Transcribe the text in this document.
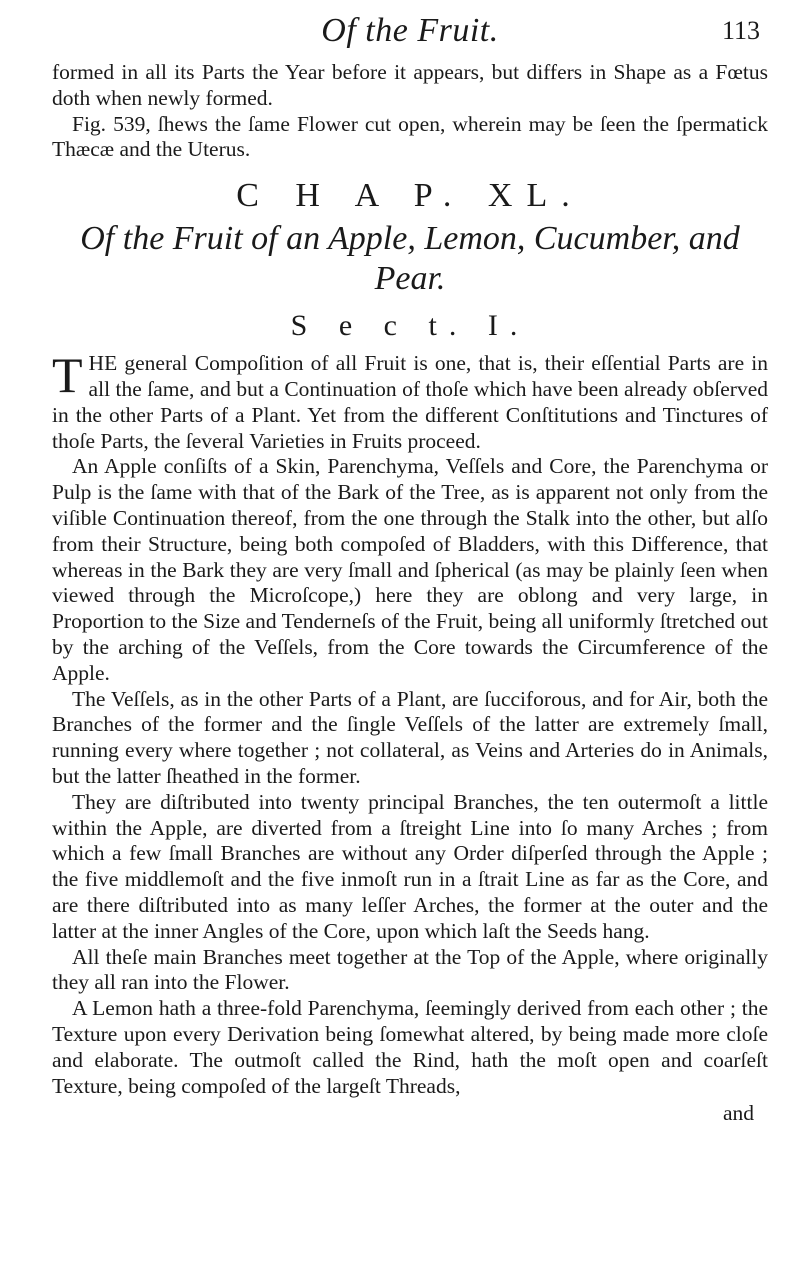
Of the Fruit.	113

formed in all its Parts the Year before it appears, but differs in Shape as a Fœtus doth when newly formed.

Fig. 539, ſhews the ſame Flower cut open, wherein may be ſeen the ſpermatick Thæcæ and the Uterus.

C H A P. XL.
Of the Fruit of an Apple, Lemon, Cucumber, and Pear.
S e c t. I.
T HE general Compoſition of all Fruit is one, that is, their eſſential Parts are in all the ſame, and but a Continuation of thoſe which have been already obſerved in the other Parts of a Plant. Yet from the different Conſtitutions and Tinctures of thoſe Parts, the ſeveral Varieties in Fruits proceed.

An Apple conſiſts of a Skin, Parenchyma, Veſſels and Core, the Parenchyma or Pulp is the ſame with that of the Bark of the Tree, as is apparent not only from the viſible Continuation thereof, from the one through the Stalk into the other, but alſo from their Structure, being both compoſed of Bladders, with this Difference, that whereas in the Bark they are very ſmall and ſpherical (as may be plainly ſeen when viewed through the Microſcope,) here they are oblong and very large, in Proportion to the Size and Tenderneſs of the Fruit, being all uniformly ſtretched out by the arching of the Veſſels, from the Core towards the Circumference of the Apple.

The Veſſels, as in the other Parts of a Plant, are ſucciforous, and for Air, both the Branches of the former and the ſingle Veſſels of the latter are extremely ſmall, running every where together ; not collateral, as Veins and Arteries do in Animals, but the latter ſheathed in the former.

They are diſtributed into twenty principal Branches, the ten outermoſt a little within the Apple, are diverted from a ſtreight Line into ſo many Arches ; from which a few ſmall Branches are without any Order diſperſed through the Apple ; the five middlemoſt and the five inmoſt run in a ſtrait Line as far as the Core, and are there diſtributed into as many leſſer Arches, the former at the outer and the latter at the inner Angles of the Core, upon which laſt the Seeds hang.

All theſe main Branches meet together at the Top of the Apple, where originally they all ran into the Flower.

A Lemon hath a three-fold Parenchyma, ſeemingly derived from each other ; the Texture upon every Derivation being ſomewhat altered, by being made more cloſe and elaborate. The outmoſt called the Rind, hath the moſt open and coarſeſt Texture, being compoſed of the largeſt Threads,

and
